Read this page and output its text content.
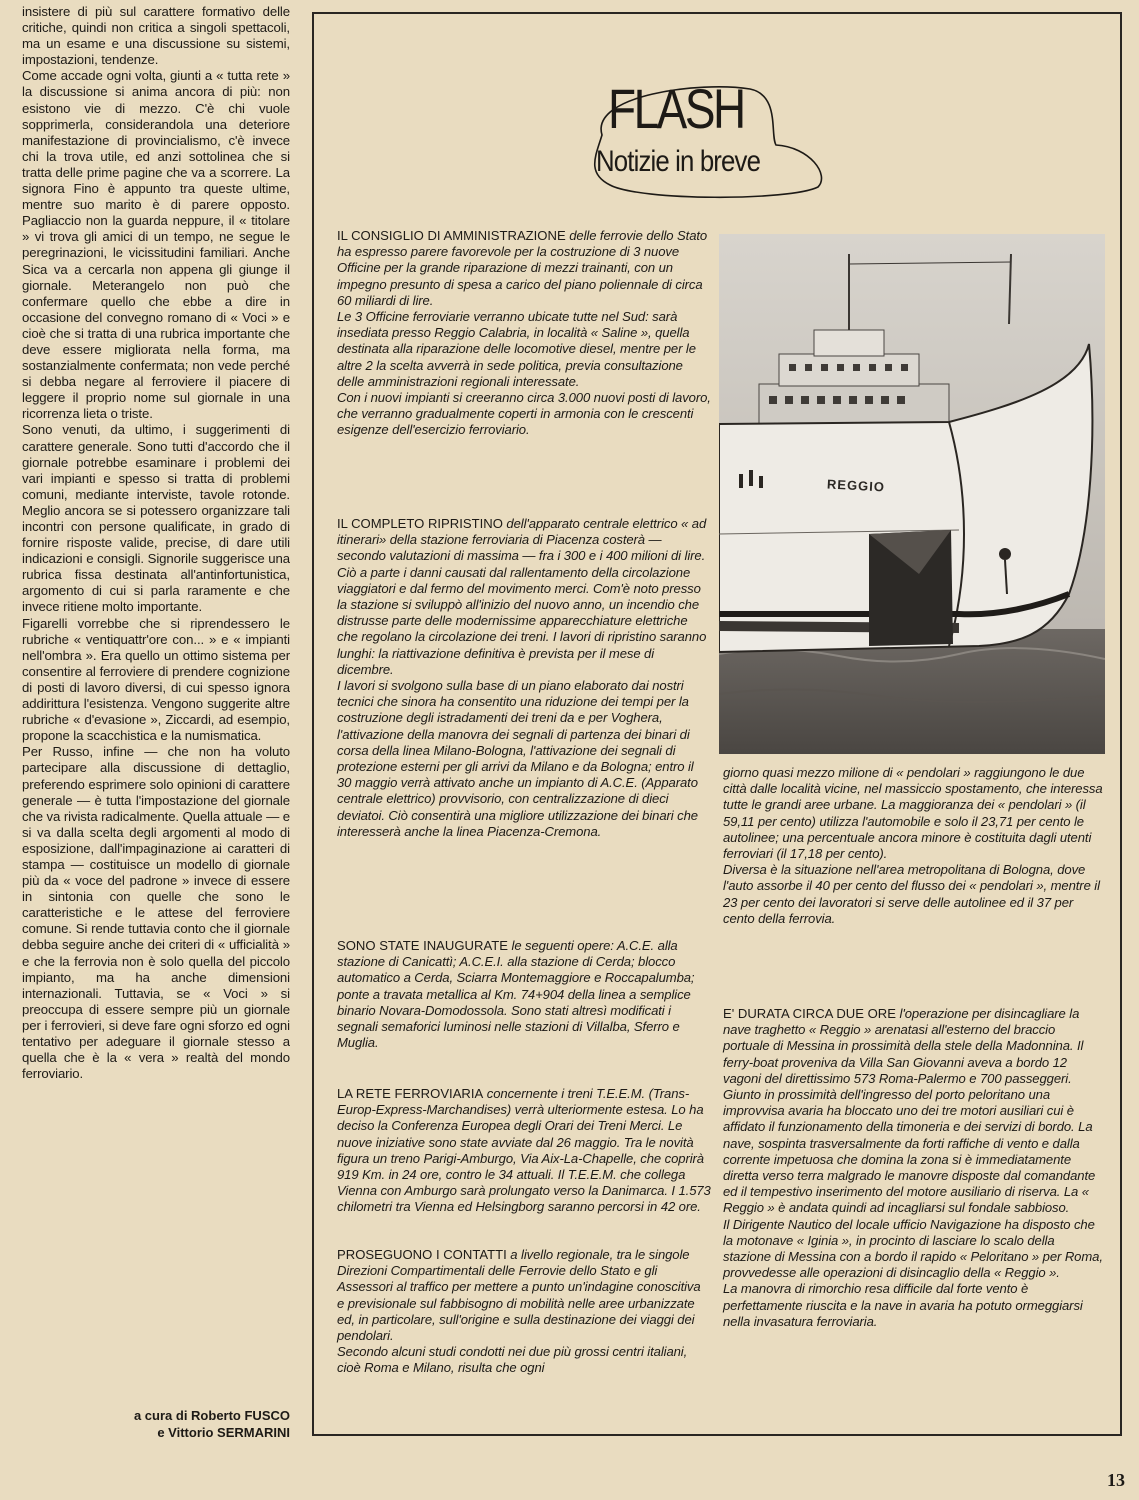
insistere di più sul carattere formativo delle critiche, quindi non critica a singoli spettacoli, ma un esame e una discussione su sistemi, impostazioni, tendenze.

Come accade ogni volta, giunti a « tutta rete » la discussione si anima ancora di più: non esistono vie di mezzo. C'è chi vuole sopprimerla, considerandola una deteriore manifestazione di provincialismo, c'è invece chi la trova utile, ed anzi sottolinea che si tratta delle prime pagine che va a scorrere. La signora Fino è appunto tra queste ultime, mentre suo marito è di parere opposto. Pagliaccio non la guarda neppure, il « titolare » vi trova gli amici di un tempo, ne segue le peregrinazioni, le vicissitudini familiari. Anche Sica va a cercarla non appena gli giunge il giornale. Meterangelo non può che confermare quello che ebbe a dire in occasione del convegno romano di « Voci » e cioè che si tratta di una rubrica importante che deve essere migliorata nella forma, ma sostanzialmente confermata; non vede perché si debba negare al ferroviere il piacere di leggere il proprio nome sul giornale in una ricorrenza lieta o triste.

Sono venuti, da ultimo, i suggerimenti di carattere generale. Sono tutti d'accordo che il giornale potrebbe esaminare i problemi dei vari impianti e spesso si tratta di problemi comuni, mediante interviste, tavole rotonde. Meglio ancora se si potessero organizzare tali incontri con persone qualificate, in grado di fornire risposte valide, precise, di dare utili indicazioni e consigli. Signorile suggerisce una rubrica fissa destinata all'antinfortunistica, argomento di cui si parla raramente e che invece ritiene molto importante.

Figarelli vorrebbe che si riprendessero le rubriche « ventiquattr'ore con... » e « impianti nell'ombra ». Era quello un ottimo sistema per consentire al ferroviere di prendere cognizione di posti di lavoro diversi, di cui spesso ignora addirittura l'esistenza. Vengono suggerite altre rubriche « d'evasione », Ziccardi, ad esempio, propone la scacchistica e la numismatica.

Per Russo, infine — che non ha voluto partecipare alla discussione di dettaglio, preferendo esprimere solo opinioni di carattere generale — è tutta l'impostazione del giornale che va rivista radicalmente. Quella attuale — e si va dalla scelta degli argomenti al modo di esposizione, dall'impaginazione ai caratteri di stampa — costituisce un modello di giornale più da « voce del padrone » invece di essere in sintonia con quelle che sono le caratteristiche e le attese del ferroviere comune. Si rende tuttavia conto che il giornale debba seguire anche dei criteri di « ufficialità » e che la ferrovia non è solo quella del piccolo impianto, ma ha anche dimensioni internazionali. Tuttavia, se « Voci » si preoccupa di essere sempre più un giornale per i ferrovieri, si deve fare ogni sforzo ed ogni tentativo per adeguare il giornale stesso a quella che è la « vera » realtà del mondo ferroviario.

a cura di Roberto FUSCO
e Vittorio SERMARINI
FLASH
Notizie in breve
REGGIO

IL CONSIGLIO DI AMMINISTRAZIONE delle ferrovie dello Stato ha espresso parere favorevole per la costruzione di 3 nuove Officine per la grande riparazione di mezzi trainanti, con un impegno presunto di spesa a carico del piano poliennale di circa 60 miliardi di lire.

Le 3 Officine ferroviarie verranno ubicate tutte nel Sud: sarà insediata presso Reggio Calabria, in località « Saline », quella destinata alla riparazione delle locomotive diesel, mentre per le altre 2 la scelta avverrà in sede politica, previa consultazione delle amministrazioni regionali interessate.

Con i nuovi impianti si creeranno circa 3.000 nuovi posti di lavoro, che verranno gradualmente coperti in armonia con le crescenti esigenze dell'esercizio ferroviario.

IL COMPLETO RIPRISTINO dell'apparato centrale elettrico « ad itinerari» della stazione ferroviaria di Piacenza costerà — secondo valutazioni di massima — fra i 300 e i 400 milioni di lire. Ciò a parte i danni causati dal rallentamento della circolazione viaggiatori e dal fermo del movimento merci. Com'è noto presso la stazione si sviluppò all'inizio del nuovo anno, un incendio che distrusse parte delle modernissime apparecchiature elettriche che regolano la circolazione dei treni. I lavori di ripristino saranno lunghi: la riattivazione definitiva è prevista per il mese di dicembre.

I lavori si svolgono sulla base di un piano elaborato dai nostri tecnici che sinora ha consentito una riduzione dei tempi per la costruzione degli istradamenti dei treni da e per Voghera, l'attivazione della manovra dei segnali di partenza dei binari di corsa della linea Milano-Bologna, l'attivazione dei segnali di protezione esterni per gli arrivi da Milano e da Bologna; entro il 30 maggio verrà attivato anche un impianto di A.C.E. (Apparato centrale elettrico) provvisorio, con centralizzazione di dieci deviatoi. Ciò consentirà una migliore utilizzazione dei binari che interesserà anche la linea Piacenza-Cremona.

SONO STATE INAUGURATE le seguenti opere: A.C.E. alla stazione di Canicattì; A.C.E.I. alla stazione di Cerda; blocco automatico a Cerda, Sciarra Montemaggiore e Roccapalumba; ponte a travata metallica al Km. 74+904 della linea a semplice binario Novara-Domodossola. Sono stati altresì modificati i segnali semaforici luminosi nelle stazioni di Villalba, Sferro e Muglia.

LA RETE FERROVIARIA concernente i treni T.E.E.M. (Trans-Europ-Express-Marchandises) verrà ulteriormente estesa. Lo ha deciso la Conferenza Europea degli Orari dei Treni Merci. Le nuove iniziative sono state avviate dal 26 maggio. Tra le novità figura un treno Parigi-Amburgo, Via Aix-La-Chapelle, che coprirà 919 Km. in 24 ore, contro le 34 attuali. Il T.E.E.M. che collega Vienna con Amburgo sarà prolungato verso la Danimarca. I 1.573 chilometri tra Vienna ed Helsingborg saranno percorsi in 42 ore.

PROSEGUONO I CONTATTI a livello regionale, tra le singole Direzioni Compartimentali delle Ferrovie dello Stato e gli Assessori al traffico per mettere a punto un'indagine conoscitiva e previsionale sul fabbisogno di mobilità nelle aree urbanizzate ed, in particolare, sull'origine e sulla destinazione dei viaggi dei pendolari.

Secondo alcuni studi condotti nei due più grossi centri italiani, cioè Roma e Milano, risulta che ogni

giorno quasi mezzo milione di « pendolari » raggiungono le due città dalle località vicine, nel massiccio spostamento, che interessa tutte le grandi aree urbane. La maggioranza dei « pendolari » (il 59,11 per cento) utilizza l'automobile e solo il 23,71 per cento le autolinee; una percentuale ancora minore è costituita dagli utenti ferroviari (il 17,18 per cento).

Diversa è la situazione nell'area metropolitana di Bologna, dove l'auto assorbe il 40 per cento del flusso dei « pendolari », mentre il 23 per cento dei lavoratori si serve delle autolinee ed il 37 per cento della ferrovia.

E' DURATA CIRCA DUE ORE l'operazione per disincagliare la nave traghetto « Reggio » arenatasi all'esterno del braccio portuale di Messina in prossimità della stele della Madonnina. Il ferry-boat proveniva da Villa San Giovanni aveva a bordo 12 vagoni del direttissimo 573 Roma-Palermo e 700 passeggeri. Giunto in prossimità dell'ingresso del porto peloritano una improvvisa avaria ha bloccato uno dei tre motori ausiliari cui è affidato il funzionamento della timoneria e dei servizi di bordo. La nave, sospinta trasversalmente da forti raffiche di vento e dalla corrente impetuosa che domina la zona si è immediatamente diretta verso terra malgrado le manovre disposte dal comandante ed il tempestivo inserimento del motore ausiliario di riserva. La « Reggio » è andata quindi ad incagliarsi sul fondale sabbioso.

Il Dirigente Nautico del locale ufficio Navigazione ha disposto che la motonave « Iginia », in procinto di lasciare lo scalo della stazione di Messina con a bordo il rapido « Peloritano » per Roma, provvedesse alle operazioni di disincaglio della « Reggio ».

La manovra di rimorchio resa difficile dal forte vento è perfettamente riuscita e la nave in avaria ha potuto ormeggiarsi nella invasatura ferroviaria.

13
